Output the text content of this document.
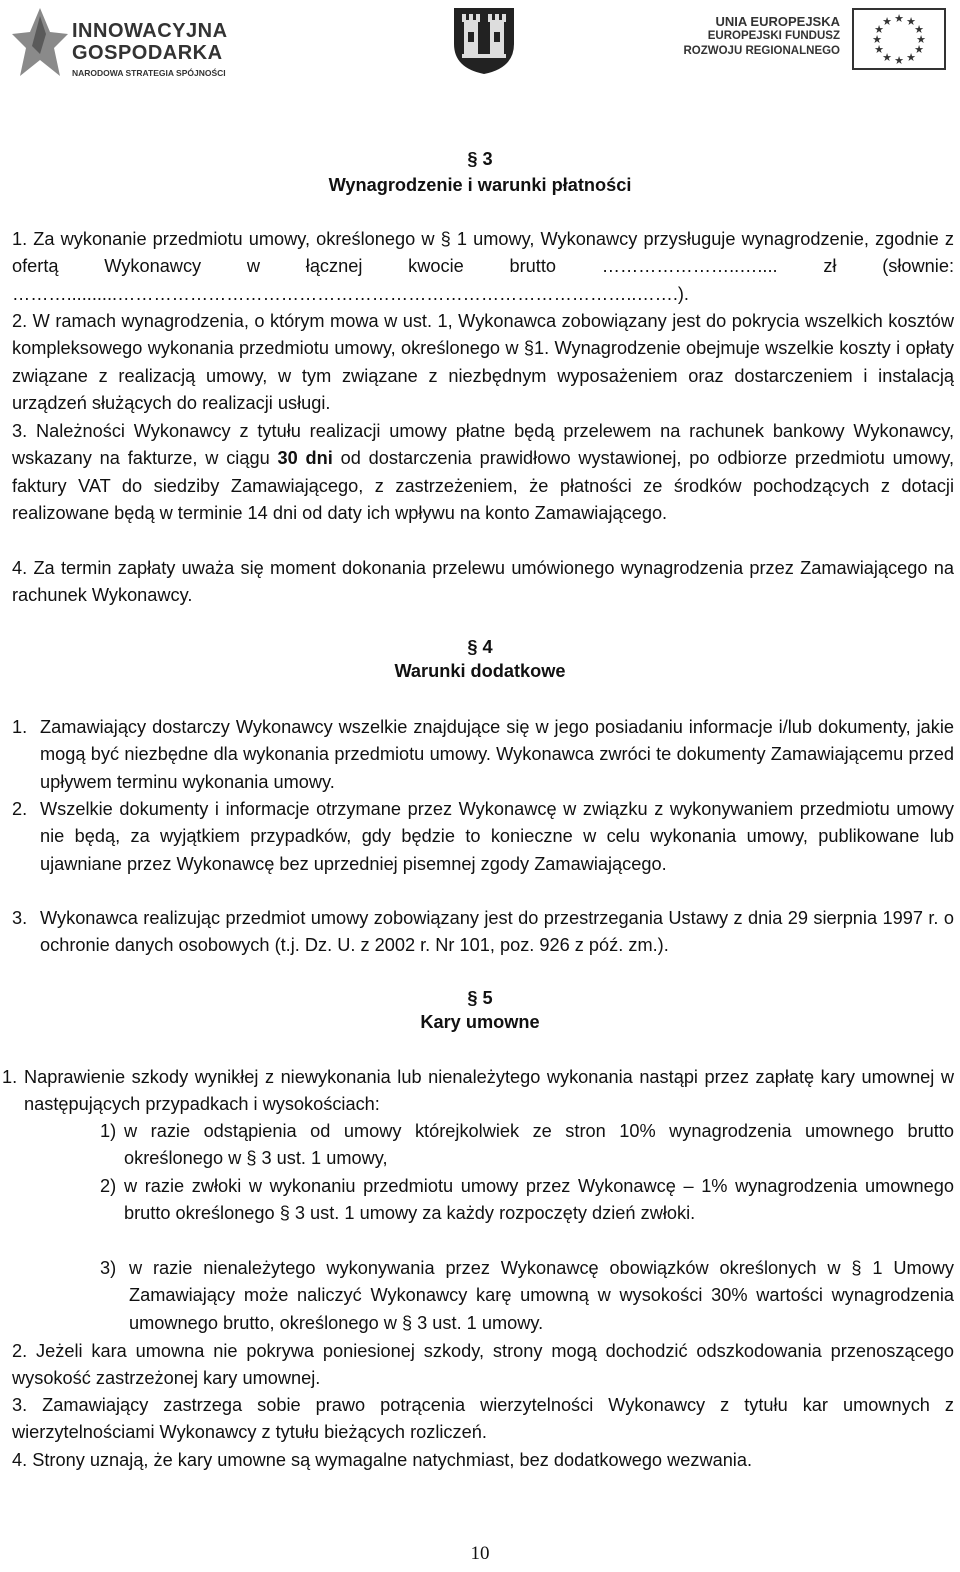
INNOWACYJNA
GOSPODARKA
NARODOWA STRATEGIA SPÓJNOŚCI
UNIA EUROPEJSKA
EUROPEJSKI FUNDUSZ
ROZWOJU REGIONALNEGO
★ ★
★
★
★
★
★
★
★
★
★
★
§ 3
Wynagrodzenie i warunki płatności
1. Za wykonanie przedmiotu umowy, określonego w § 1 umowy, Wykonawcy przysługuje wynagrodzenie, zgodnie z ofertą Wykonawcy w łącznej kwocie brutto …………………..….... zł (słownie: ………..........…………………………………………………………………………..…….).
2. W ramach wynagrodzenia, o którym mowa w ust. 1, Wykonawca zobowiązany jest do pokrycia wszelkich kosztów kompleksowego wykonania przedmiotu umowy, określonego w §1. Wynagrodzenie obejmuje wszelkie koszty i opłaty związane z realizacją umowy, w tym związane z niezbędnym wyposażeniem oraz dostarczeniem i instalacją urządzeń służących do realizacji usługi.
3. Należności Wykonawcy z tytułu realizacji umowy płatne będą przelewem na rachunek bankowy Wykonawcy, wskazany na fakturze, w ciągu 30 dni od dostarczenia prawidłowo wystawionej, po odbiorze przedmiotu umowy, faktury VAT do siedziby Zamawiającego, z zastrzeżeniem, że płatności ze środków pochodzących z dotacji realizowane będą w terminie 14 dni od daty ich wpływu na konto Zamawiającego.
4. Za termin zapłaty uważa się moment dokonania przelewu umówionego wynagrodzenia przez Zamawiającego na rachunek Wykonawcy.
§ 4
Warunki dodatkowe
1. Zamawiający dostarczy Wykonawcy wszelkie znajdujące się w jego posiadaniu informacje i/lub dokumenty, jakie mogą być niezbędne dla wykonania przedmiotu umowy. Wykonawca zwróci te dokumenty Zamawiającemu przed upływem terminu wykonania umowy.
2. Wszelkie dokumenty i informacje otrzymane przez Wykonawcę w związku z wykonywaniem przedmiotu umowy nie będą, za wyjątkiem przypadków, gdy będzie to konieczne w celu wykonania umowy, publikowane lub ujawniane przez Wykonawcę bez uprzedniej pisemnej zgody Zamawiającego.
3. Wykonawca realizując przedmiot umowy zobowiązany jest do przestrzegania Ustawy z dnia 29 sierpnia 1997 r. o ochronie danych osobowych (t.j. Dz. U. z 2002 r. Nr 101, poz. 926 z póź. zm.).
§ 5
Kary umowne
1. Naprawienie szkody wynikłej z niewykonania lub nienależytego wykonania nastąpi przez zapłatę kary umownej w następujących przypadkach i wysokościach:
1) w razie odstąpienia od umowy którejkolwiek ze stron 10% wynagrodzenia umownego brutto określonego w § 3 ust. 1 umowy,
2) w razie zwłoki w wykonaniu przedmiotu umowy przez Wykonawcę – 1% wynagrodzenia umownego brutto określonego § 3 ust. 1 umowy za każdy rozpoczęty dzień zwłoki.
3) w razie nienależytego wykonywania przez Wykonawcę obowiązków określonych w § 1 Umowy Zamawiający może naliczyć Wykonawcy karę umowną w wysokości 30% wartości wynagrodzenia umownego brutto, określonego w § 3 ust. 1 umowy.
2. Jeżeli kara umowna nie pokrywa poniesionej szkody, strony mogą dochodzić odszkodowania przenoszącego wysokość zastrzeżonej kary umownej.
3. Zamawiający zastrzega sobie prawo potrącenia wierzytelności Wykonawcy z tytułu kar umownych z wierzytelnościami Wykonawcy z tytułu bieżących rozliczeń.
4. Strony uznają, że kary umowne są wymagalne natychmiast, bez dodatkowego wezwania.
10
